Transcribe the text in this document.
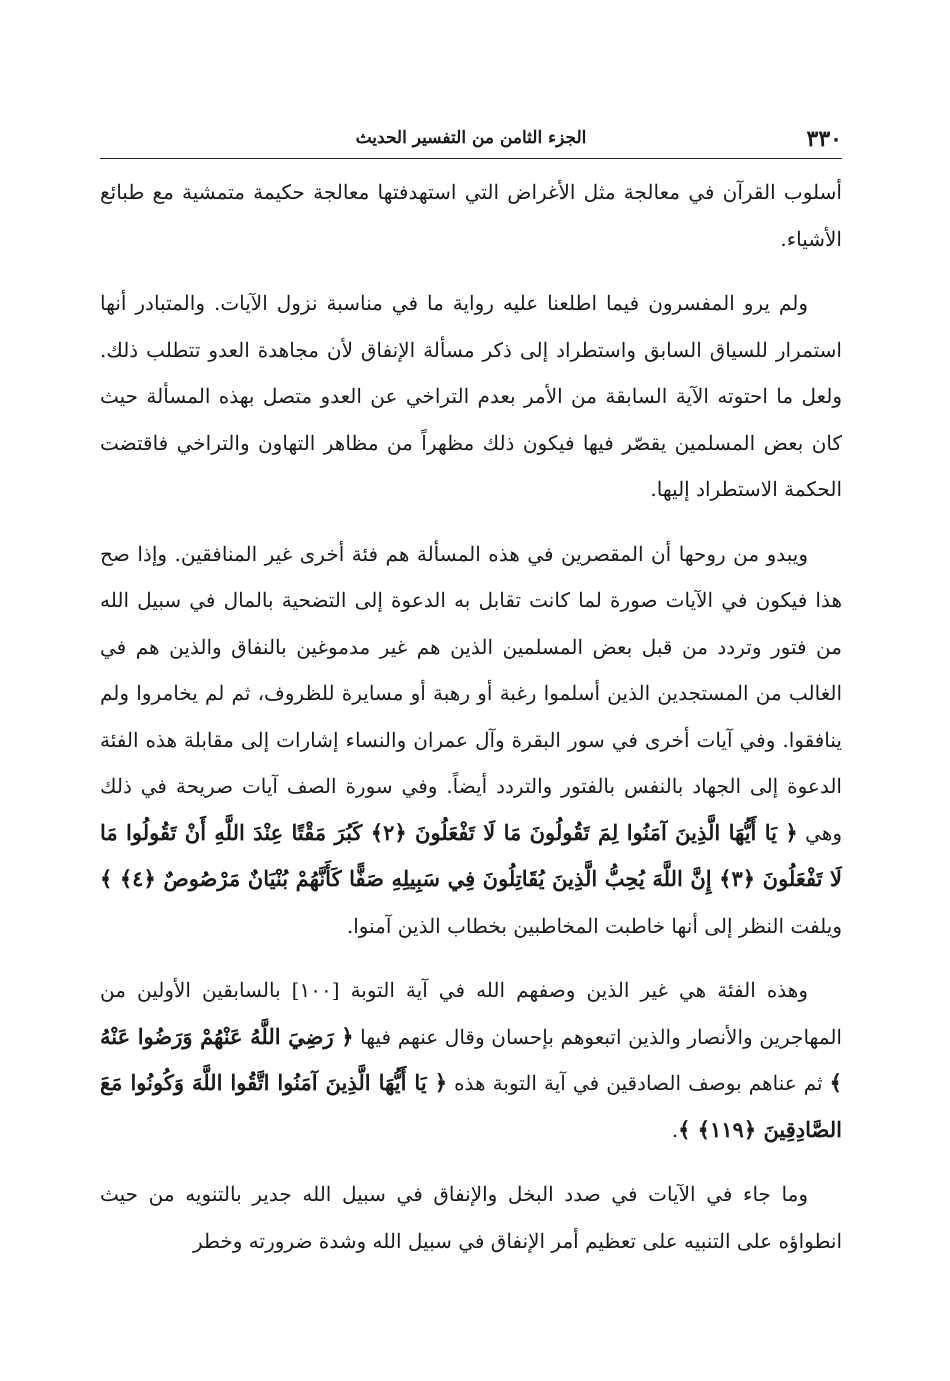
٣٣٠
الجزء الثامن من التفسير الحديث

أسلوب القرآن في معالجة مثل الأغراض التي استهدفتها معالجة حكيمة متمشية مع طبائع الأشياء.

ولم يرو المفسرون فيما اطلعنا عليه رواية ما في مناسبة نزول الآيات. والمتبادر أنها استمرار للسياق السابق واستطراد إلى ذكر مسألة الإنفاق لأن مجاهدة العدو تتطلب ذلك. ولعل ما احتوته الآية السابقة من الأمر بعدم التراخي عن العدو متصل بهذه المسألة حيث كان بعض المسلمين يقصّر فيها فيكون ذلك مظهراً من مظاهر التهاون والتراخي فاقتضت الحكمة الاستطراد إليها.

ويبدو من روحها أن المقصرين في هذه المسألة هم فئة أخرى غير المنافقين. وإذا صح هذا فيكون في الآيات صورة لما كانت تقابل به الدعوة إلى التضحية بالمال في سبيل الله من فتور وتردد من قبل بعض المسلمين الذين هم غير مدموغين بالنفاق والذين هم في الغالب من المستجدين الذين أسلموا رغبة أو رهبة أو مسايرة للظروف، ثم لم يخامروا ولم ينافقوا. وفي آيات أخرى في سور البقرة وآل عمران والنساء إشارات إلى مقابلة هذه الفئة الدعوة إلى الجهاد بالنفس بالفتور والتردد أيضاً. وفي سورة الصف آيات صريحة في ذلك وهي ﴿ يَا أَيُّهَا الَّذِينَ آمَنُوا لِمَ تَقُولُونَ مَا لَا تَفْعَلُونَ ﴿٢﴾ كَبُرَ مَقْتًا عِنْدَ اللَّهِ أَنْ تَقُولُوا مَا لَا تَفْعَلُونَ ﴿٣﴾ إِنَّ اللَّهَ يُحِبُّ الَّذِينَ يُقَاتِلُونَ فِي سَبِيلِهِ صَفًّا كَأَنَّهُمْ بُنْيَانٌ مَرْصُوصٌ ﴿٤﴾ ﴾ ويلفت النظر إلى أنها خاطبت المخاطبين بخطاب الذين آمنوا.

وهذه الفئة هي غير الذين وصفهم الله في آية التوبة [١٠٠] بالسابقين الأولين من المهاجرين والأنصار والذين اتبعوهم بإحسان وقال عنهم فيها ﴿ رَضِيَ اللَّهُ عَنْهُمْ وَرَضُوا عَنْهُ ﴾ ثم عناهم بوصف الصادقين في آية التوبة هذه ﴿ يَا أَيُّهَا الَّذِينَ آمَنُوا اتَّقُوا اللَّهَ وَكُونُوا مَعَ الصَّادِقِينَ ﴿١١٩﴾ ﴾.

وما جاء في الآيات في صدد البخل والإنفاق في سبيل الله جدير بالتنويه من حيث انطواؤه على التنبيه على تعظيم أمر الإنفاق في سبيل الله وشدة ضرورته وخطر
